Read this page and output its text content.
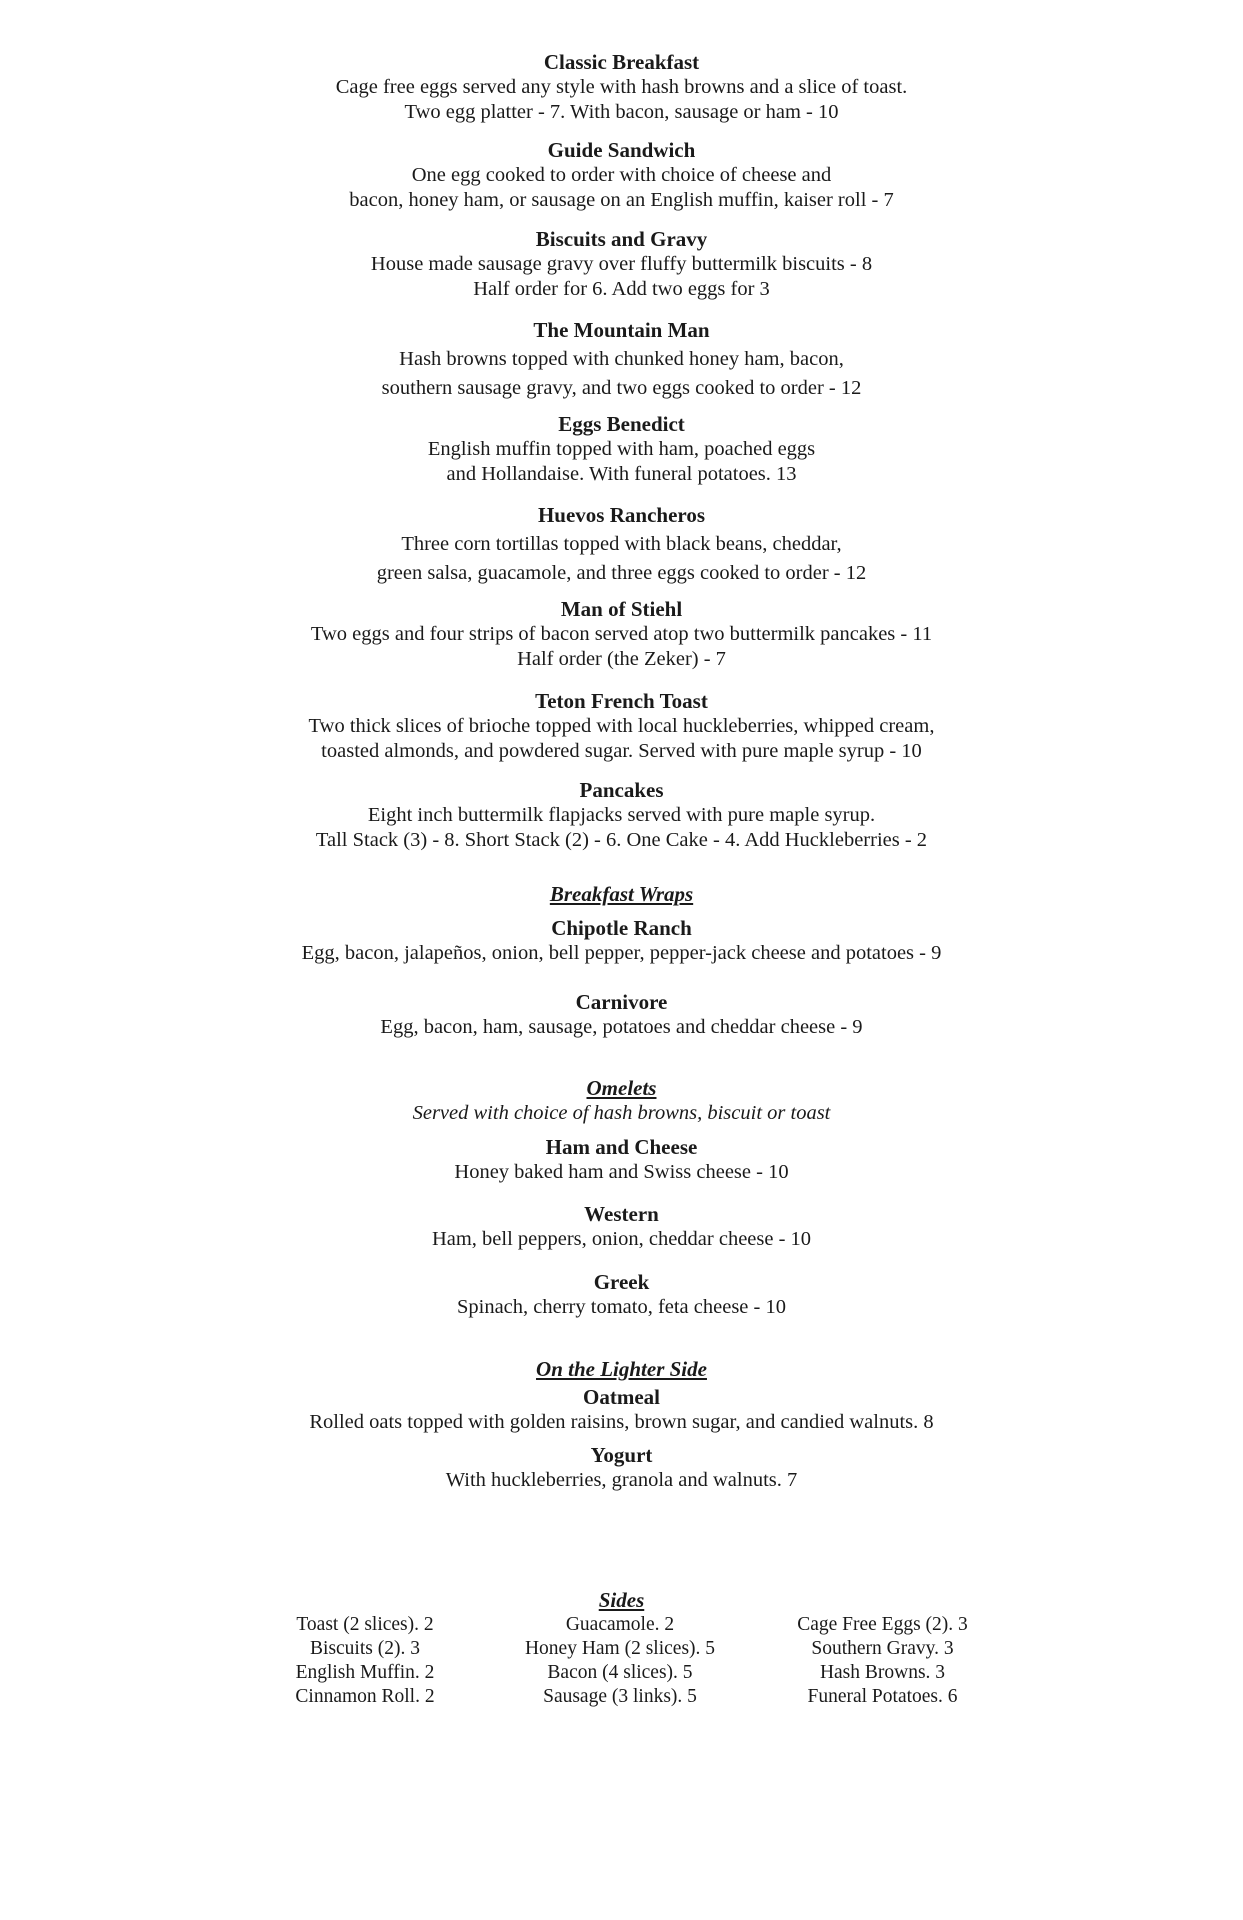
Classic Breakfast
Cage free eggs served any style with hash browns and a slice of toast.
Two egg platter - 7. With bacon, sausage or ham - 10
Guide Sandwich
One egg cooked to order with choice of cheese and
bacon, honey ham, or sausage on an English muffin, kaiser roll - 7
Biscuits and Gravy
House made sausage gravy over fluffy buttermilk biscuits - 8
Half order for 6. Add two eggs for 3
The Mountain Man
Hash browns topped with chunked honey ham, bacon,
southern sausage gravy, and two eggs cooked to order - 12
Eggs Benedict
English muffin topped with ham, poached eggs
and Hollandaise. With funeral potatoes. 13
Huevos Rancheros
Three corn tortillas topped with black beans, cheddar,
green salsa, guacamole, and three eggs cooked to order - 12
Man of Stiehl
Two eggs and four strips of bacon served atop two buttermilk pancakes - 11
Half order (the Zeker) - 7
Teton French Toast
Two thick slices of brioche topped with local huckleberries, whipped cream,
toasted almonds, and powdered sugar. Served with pure maple syrup - 10
Pancakes
Eight inch buttermilk flapjacks served with pure maple syrup.
Tall Stack (3) - 8. Short Stack (2) - 6. One Cake - 4. Add Huckleberries - 2
Breakfast Wraps
Chipotle Ranch
Egg, bacon, jalapeños, onion, bell pepper, pepper-jack cheese and potatoes - 9
Carnivore
Egg, bacon, ham, sausage, potatoes and cheddar cheese - 9
Omelets
Served with choice of hash browns, biscuit or toast
Ham and Cheese
Honey baked ham and Swiss cheese - 10
Western
Ham, bell peppers, onion, cheddar cheese - 10
Greek
Spinach, cherry tomato, feta cheese - 10
On the Lighter Side
Oatmeal
Rolled oats topped with golden raisins, brown sugar, and candied walnuts. 8
Yogurt
With huckleberries, granola and walnuts. 7
Sides
Toast (2 slices). 2
Biscuits (2). 3
English Muffin. 2
Cinnamon Roll. 2
Guacamole. 2
Honey Ham (2 slices). 5
Bacon (4 slices). 5
Sausage (3 links). 5
Cage Free Eggs (2). 3
Southern Gravy. 3
Hash Browns. 3
Funeral Potatoes. 6
